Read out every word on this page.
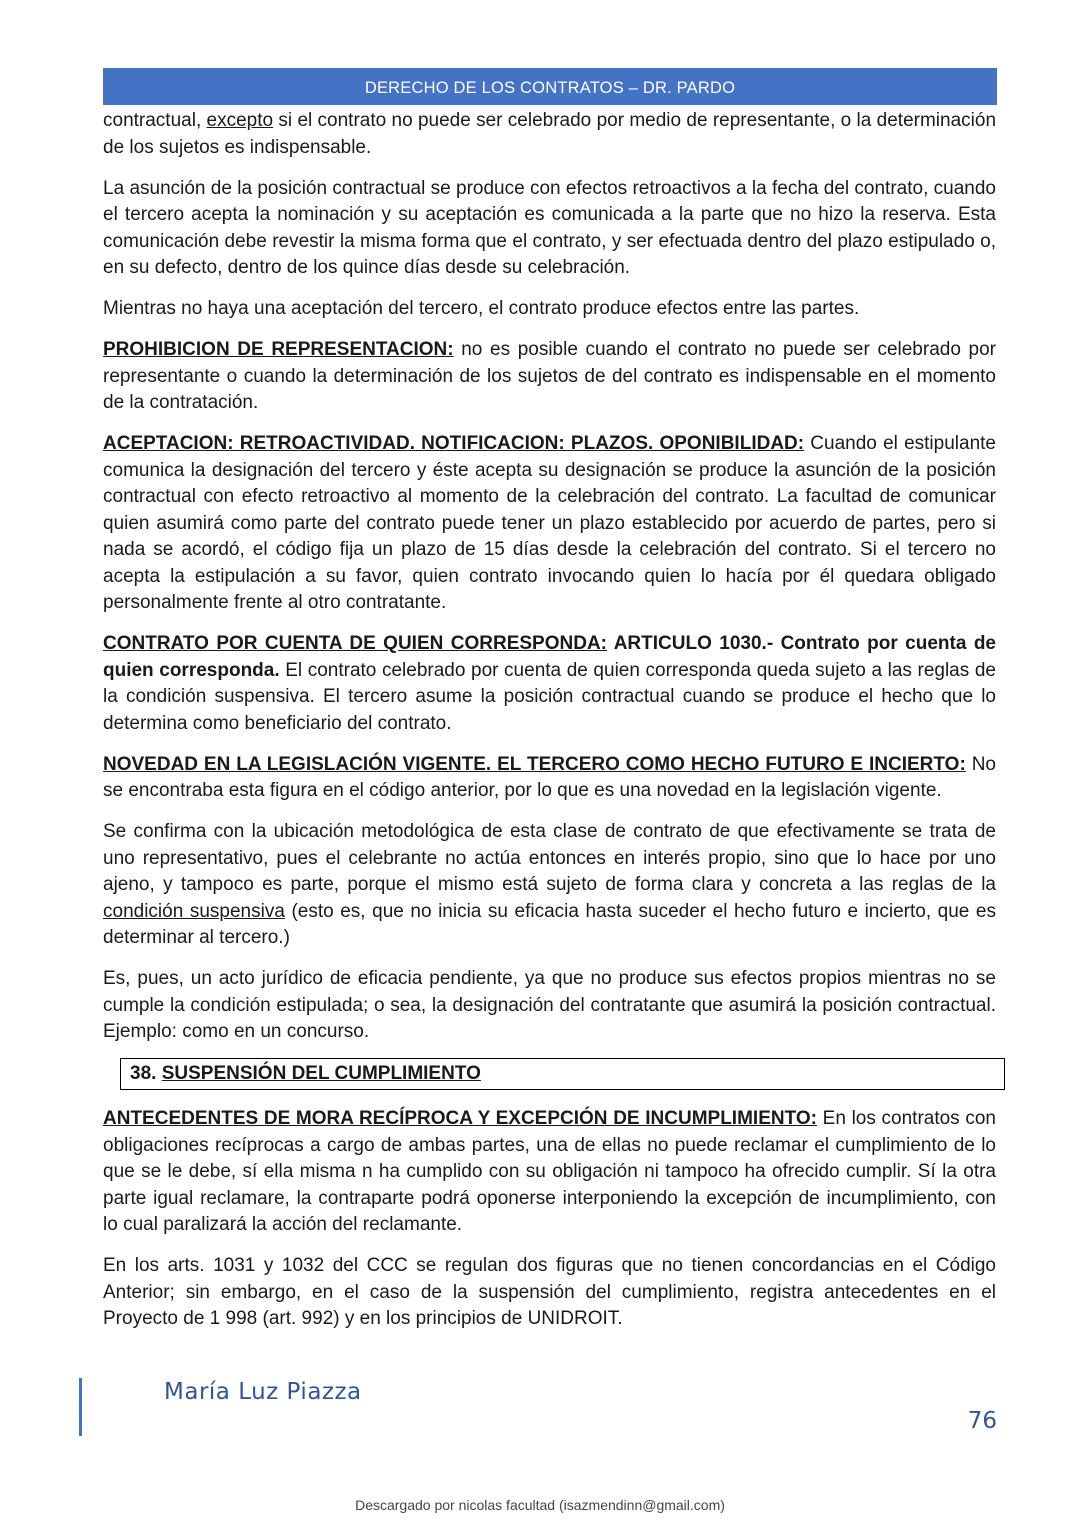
DERECHO DE LOS CONTRATOS – DR. PARDO

contractual, excepto si el contrato no puede ser celebrado por medio de representante, o la determinación de los sujetos es indispensable.

La asunción de la posición contractual se produce con efectos retroactivos a la fecha del contrato, cuando el tercero acepta la nominación y su aceptación es comunicada a la parte que no hizo la reserva. Esta comunicación debe revestir la misma forma que el contrato, y ser efectuada dentro del plazo estipulado o, en su defecto, dentro de los quince días desde su celebración.

Mientras no haya una aceptación del tercero, el contrato produce efectos entre las partes.

PROHIBICION DE REPRESENTACION: no es posible cuando el contrato no puede ser celebrado por representante o cuando la determinación de los sujetos de del contrato es indispensable en el momento de la contratación.

ACEPTACION: RETROACTIVIDAD. NOTIFICACION: PLAZOS. OPONIBILIDAD: Cuando el estipulante comunica la designación del tercero y éste acepta su designación se produce la asunción de la posición contractual con efecto retroactivo al momento de la celebración del contrato. La facultad de comunicar quien asumirá como parte del contrato puede tener un plazo establecido por acuerdo de partes, pero si nada se acordó, el código fija un plazo de 15 días desde la celebración del contrato. Si el tercero no acepta la estipulación a su favor, quien contrato invocando quien lo hacía por él quedara obligado personalmente frente al otro contratante.

CONTRATO POR CUENTA DE QUIEN CORRESPONDA: ARTICULO 1030.- Contrato por cuenta de quien corresponda. El contrato celebrado por cuenta de quien corresponda queda sujeto a las reglas de la condición suspensiva. El tercero asume la posición contractual cuando se produce el hecho que lo determina como beneficiario del contrato.

NOVEDAD EN LA LEGISLACIÓN VIGENTE. EL TERCERO COMO HECHO FUTURO E INCIERTO: No se encontraba esta figura en el código anterior, por lo que es una novedad en la legislación vigente.

Se confirma con la ubicación metodológica de esta clase de contrato de que efectivamente se trata de uno representativo, pues el celebrante no actúa entonces en interés propio, sino que lo hace por uno ajeno, y tampoco es parte, porque el mismo está sujeto de forma clara y concreta a las reglas de la condición suspensiva (esto es, que no inicia su eficacia hasta suceder el hecho futuro e incierto, que es determinar al tercero.)

Es, pues, un acto jurídico de eficacia pendiente, ya que no produce sus efectos propios mientras no se cumple la condición estipulada; o sea, la designación del contratante que asumirá la posición contractual. Ejemplo: como en un concurso.

38. SUSPENSIÓN DEL CUMPLIMIENTO

ANTECEDENTES DE MORA RECÍPROCA Y EXCEPCIÓN DE INCUMPLIMIENTO: En los contratos con obligaciones recíprocas a cargo de ambas partes, una de ellas no puede reclamar el cumplimiento de lo que se le debe, sí ella misma n ha cumplido con su obligación ni tampoco ha ofrecido cumplir. Sí la otra parte igual reclamare, la contraparte podrá oponerse interponiendo la excepción de incumplimiento, con lo cual paralizará la acción del reclamante.

En los arts. 1031 y 1032 del CCC se regulan dos figuras que no tienen concordancias en el Código Anterior; sin embargo, en el caso de la suspensión del cumplimiento, registra antecedentes en el Proyecto de 1 998 (art. 992) y en los principios de UNIDROIT.

María Luz Piazza
76
Descargado por nicolas facultad (isazmendinn@gmail.com)
